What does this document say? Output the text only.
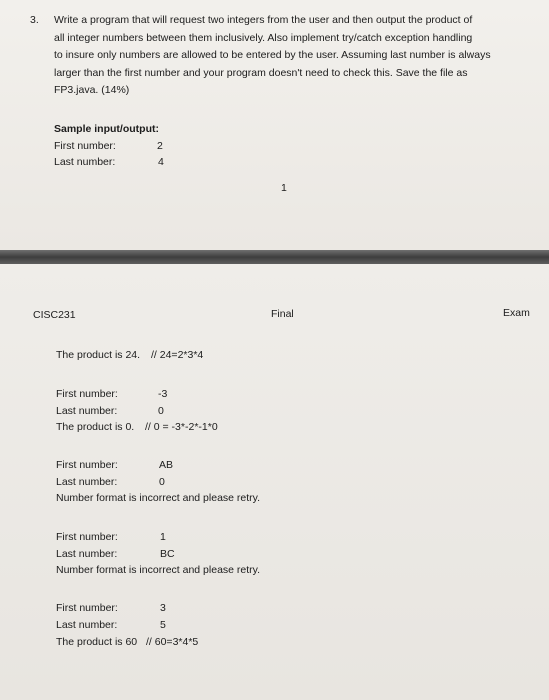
3. Write a program that will request two integers from the user and then output the product of
all integer numbers between them inclusively. Also implement try/catch exception handling
to insure only numbers are allowed to be entered by the user. Assuming last number is always
larger than the first number and your program doesn't need to check this. Save the file as
FP3.java. (14%)
Sample input/output:
First number:	2
Last number:	4
1
CISC231	Final	Exam
The product is 24. // 24=2*3*4
First number:	-3
Last number:	0
The product is 0. // 0 = -3*-2*-1*0
First number:	AB
Last number:	0
Number format is incorrect and please retry.
First number:	1
Last number:	BC
Number format is incorrect and please retry.
First number:	3
Last number:	5
The product is 60 // 60=3*4*5
